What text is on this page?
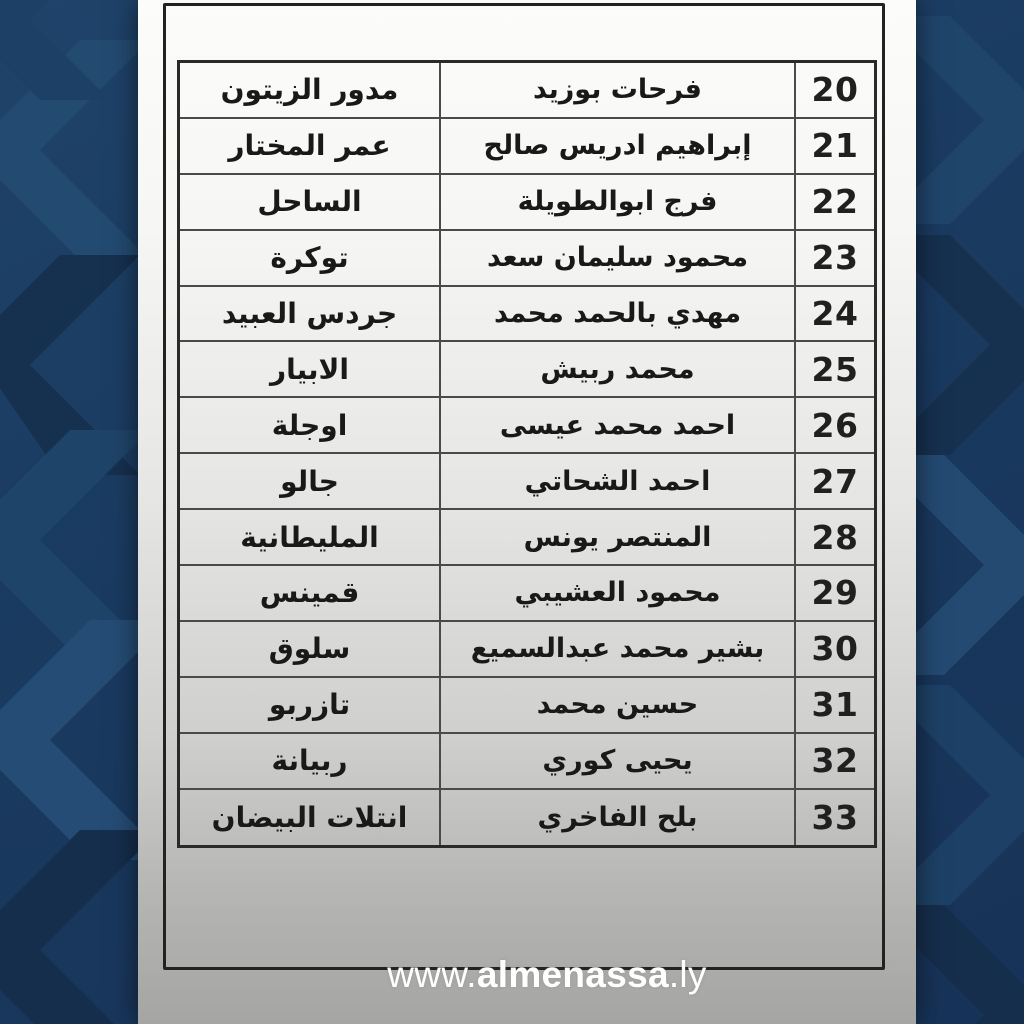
مدور الزيتون	فرحات بوزيد	20
عمر المختار	إبراهيم ادريس صالح	21
الساحل	فرج ابوالطويلة	22
توكرة	محمود سليمان سعد	23
جردس العبيد	مهدي بالحمد محمد	24
الابيار	محمد ربيش	25
اوجلة	احمد محمد عيسى	26
جالو	احمد الشحاتي	27
المليطانية	المنتصر يونس	28
قمينس	محمود العشيبي	29
سلوق	بشير محمد عبدالسميع	30
تازربو	حسين محمد	31
ربيانة	يحيى كوري	32
انتلات البيضان	بلح الفاخري	33
www.almenassa.ly
